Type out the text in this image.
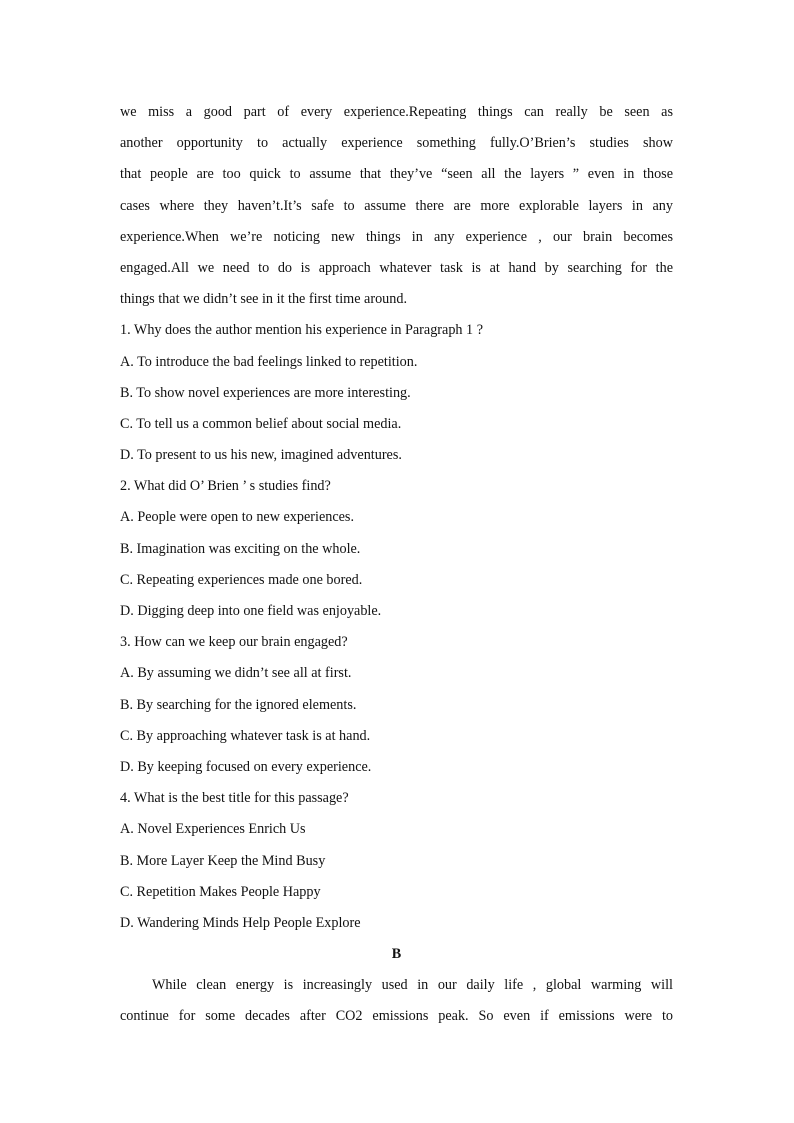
we miss a good part of every experience.Repeating things can really be seen as
another opportunity to actually experience something fully.O’Brien’s studies show
that people are too quick to assume that they’ve “seen all the layers ” even in those
cases where they haven’t.It’s safe to assume there are more explorable layers in any
experience.When we’re noticing new things in any experience , our brain becomes
engaged.All we need to do is approach whatever task is at hand by searching for the
things that we didn’t see in it the first time around.
1. Why does the author mention his experience in Paragraph 1 ?
A. To introduce the bad feelings linked to repetition.
B. To show novel experiences are more interesting.
C. To tell us a common belief about social media.
D. To present to us his new, imagined adventures.
2. What did O’ Brien ’ s studies find?
A. People were open to new experiences.
B. Imagination was exciting on the whole.
C. Repeating experiences made one bored.
D. Digging deep into one field was enjoyable.
3. How can we keep our brain engaged?
A. By assuming we didn’t see all at first.
B. By searching for the ignored elements.
C. By approaching whatever task is at hand.
D. By keeping focused on every experience.
4. What is the best title for this passage?
A. Novel Experiences Enrich Us
B. More Layer Keep the Mind Busy
C. Repetition Makes People Happy
D. Wandering Minds Help People Explore
B
While clean energy is increasingly used in our daily life , global warming will
continue for some decades after CO2 emissions peak. So even if emissions were to
